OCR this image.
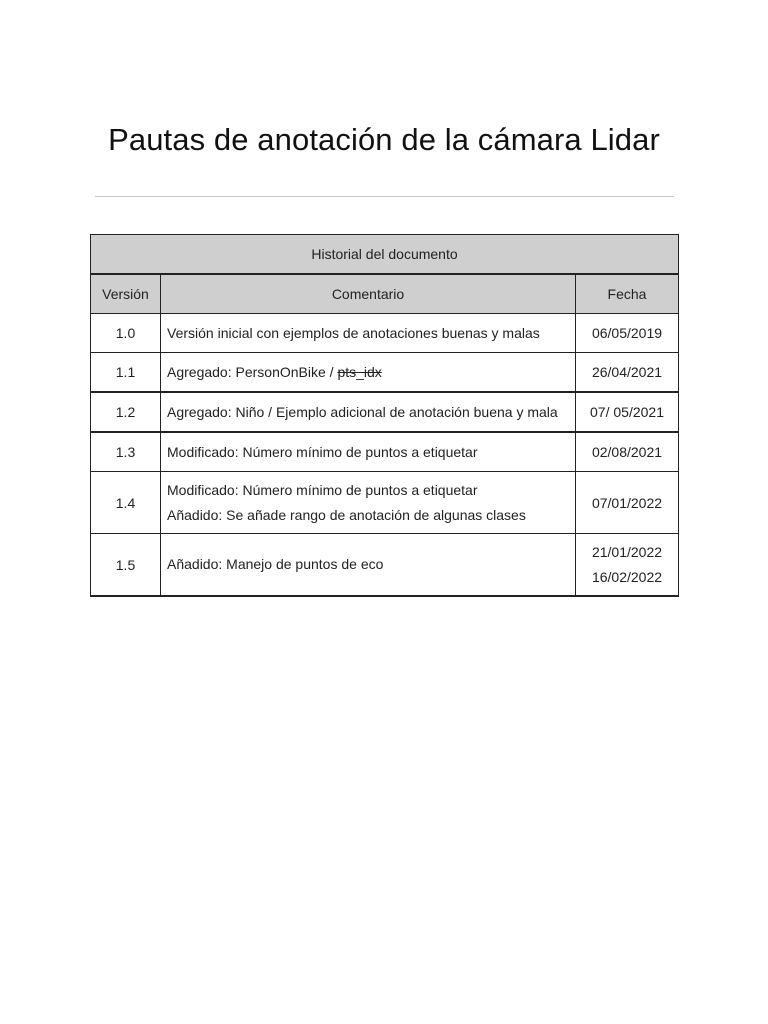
Pautas de anotación de la cámara Lidar
Historial del documento		
Versión	Comentario	Fecha
1.0	Versión inicial con ejemplos de anotaciones buenas y malas	06/05/2019
1.1	Agregado: PersonOnBike / pts_idx	26/04/2021
1.2	Agregado: Niño / Ejemplo adicional de anotación buena y mala	07/ 05/2021
1.3	Modificado: Número mínimo de puntos a etiquetar	02/08/2021
1.4	Modificado: Número mínimo de puntos a etiquetar
Añadido: Se añade rango de anotación de algunas clases	07/01/2022
1.5	Añadido: Manejo de puntos de eco	21/01/2022
16/02/2022
